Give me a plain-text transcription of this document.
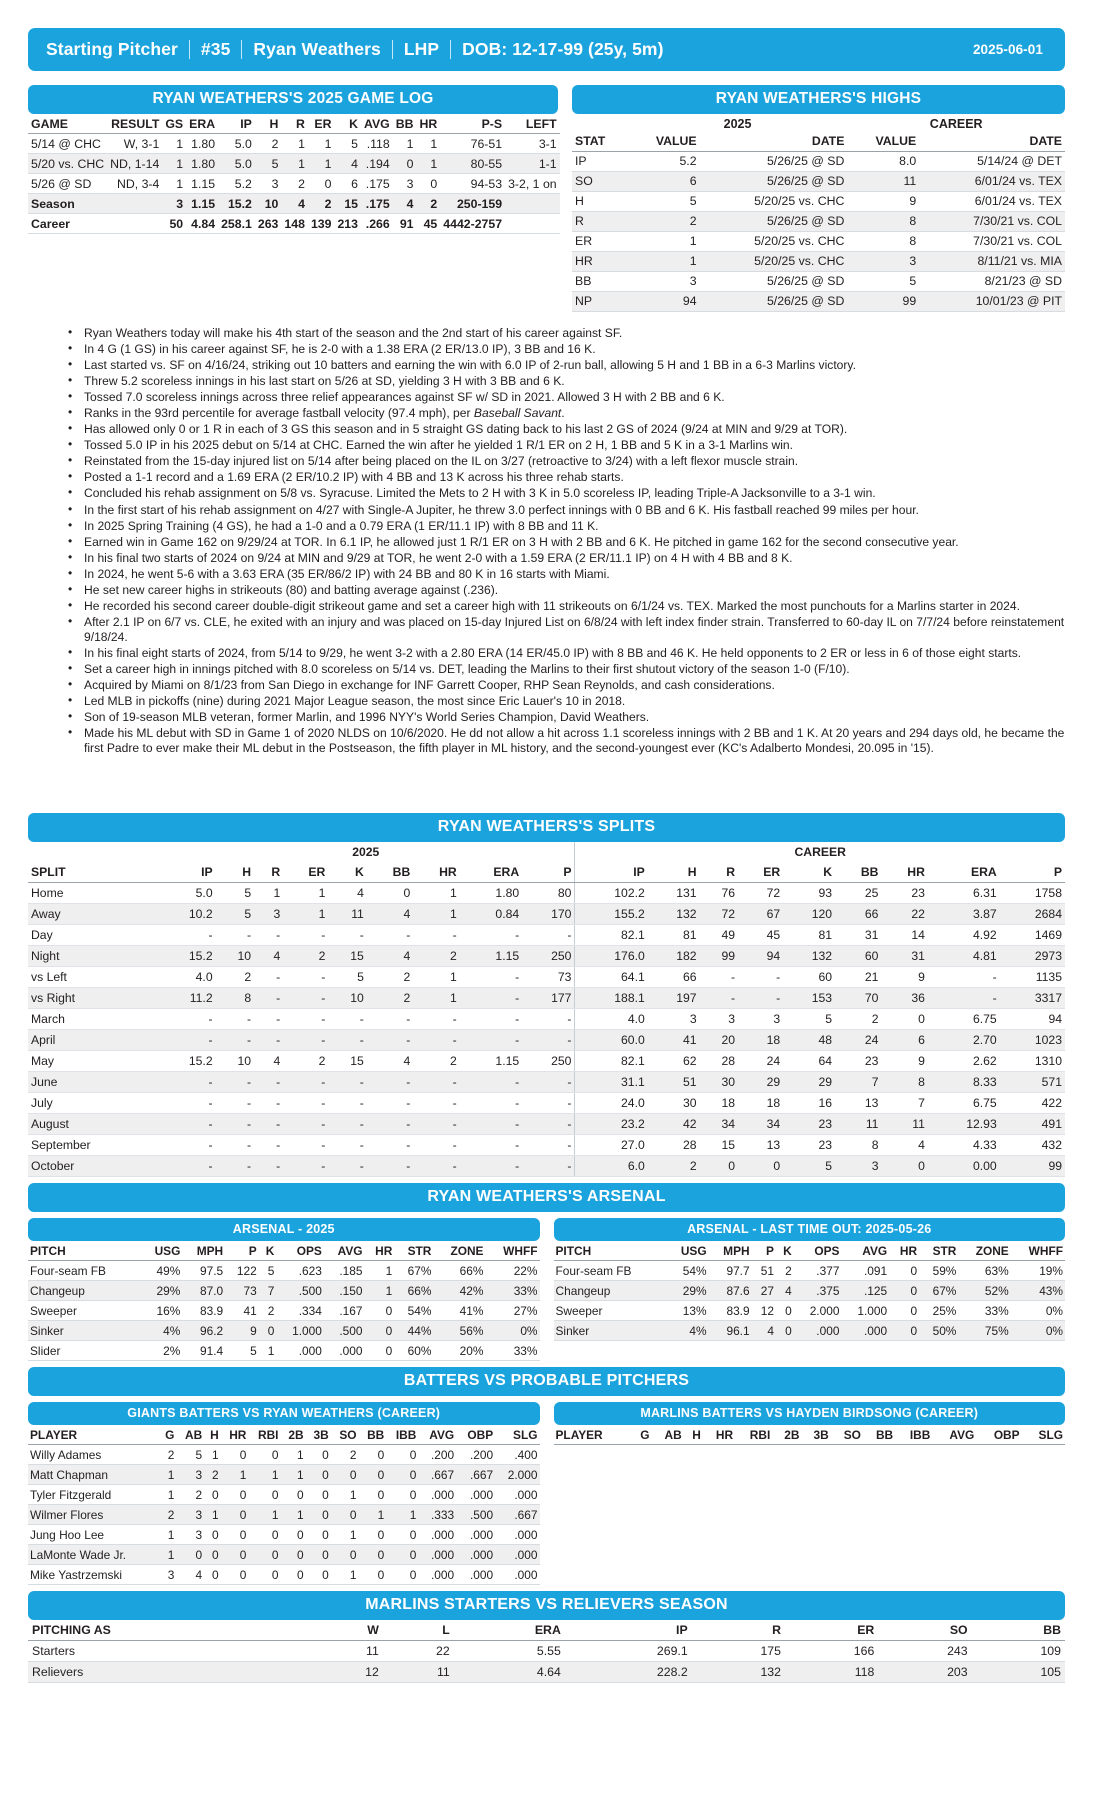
Starting Pitcher	#35	Ryan Weathers	LHP	DOB: 12-17-99 (25y, 5m)	2025-06-01
RYAN WEATHERS'S 2025 GAME LOG
GAME	RESULT	GS	ERA	IP	H	R	ER	K	AVG	BB	HR	P-S	LEFT
5/14 @ CHC	W, 3-1	1	1.80	5.0	2	1	1	5	.118	1	1	76-51	3-1
5/20 vs. CHC	ND, 1-14	1	1.80	5.0	5	1	1	4	.194	0	1	80-55	1-1
5/26 @ SD	ND, 3-4	1	1.15	5.2	3	2	0	6	.175	3	0	94-53	3-2, 1 on
Season		3	1.15	15.2	10	4	2	15	.175	4	2	250-159	
Career		50	4.84	258.1	263	148	139	213	.266	91	45	4442-2757	
RYAN WEATHERS'S HIGHS
	2025		CAREER	
STAT	VALUE	DATE	VALUE	DATE
IP	5.2	5/26/25 @ SD	8.0	5/14/24 @ DET
SO	6	5/26/25 @ SD	11	6/01/24 vs. TEX
H	5	5/20/25 vs. CHC	9	6/01/24 vs. TEX
R	2	5/26/25 @ SD	8	7/30/21 vs. COL
ER	1	5/20/25 vs. CHC	8	7/30/21 vs. COL
HR	1	5/20/25 vs. CHC	3	8/11/21 vs. MIA
BB	3	5/26/25 @ SD	5	8/21/23 @ SD
NP	94	5/26/25 @ SD	99	10/01/23 @ PIT
• Ryan Weathers today will make his 4th start of the season and the 2nd start of his career against SF.
• In 4 G (1 GS) in his career against SF, he is 2-0 with a 1.38 ERA (2 ER/13.0 IP), 3 BB and 16 K.
• Last started vs. SF on 4/16/24, striking out 10 batters and earning the win with 6.0 IP of 2-run ball, allowing 5 H and 1 BB in a 6-3 Marlins victory.
• Threw 5.2 scoreless innings in his last start on 5/26 at SD, yielding 3 H with 3 BB and 6 K.
• Tossed 7.0 scoreless innings across three relief appearances against SF w/ SD in 2021. Allowed 3 H with 2 BB and 6 K.
• Ranks in the 93rd percentile for average fastball velocity (97.4 mph), per Baseball Savant.
• Has allowed only 0 or 1 R in each of 3 GS this season and in 5 straight GS dating back to his last 2 GS of 2024 (9/24 at MIN and 9/29 at TOR).
• Tossed 5.0 IP in his 2025 debut on 5/14 at CHC. Earned the win after he yielded 1 R/1 ER on 2 H, 1 BB and 5 K in a 3-1 Marlins win.
• Reinstated from the 15-day injured list on 5/14 after being placed on the IL on 3/27 (retroactive to 3/24) with a left flexor muscle strain.
• Posted a 1-1 record and a 1.69 ERA (2 ER/10.2 IP) with 4 BB and 13 K across his three rehab starts.
• Concluded his rehab assignment on 5/8 vs. Syracuse. Limited the Mets to 2 H with 3 K in 5.0 scoreless IP, leading Triple-A Jacksonville to a 3-1 win.
• In the first start of his rehab assignment on 4/27 with Single-A Jupiter, he threw 3.0 perfect innings with 0 BB and 6 K. His fastball reached 99 miles per hour.
• In 2025 Spring Training (4 GS), he had a 1-0 and a 0.79 ERA (1 ER/11.1 IP) with 8 BB and 11 K.
• Earned win in Game 162 on 9/29/24 at TOR. In 6.1 IP, he allowed just 1 R/1 ER on 3 H with 2 BB and 6 K. He pitched in game 162 for the second consecutive year.
• In his final two starts of 2024 on 9/24 at MIN and 9/29 at TOR, he went 2-0 with a 1.59 ERA (2 ER/11.1 IP) on 4 H with 4 BB and 8 K.
• In 2024, he went 5-6 with a 3.63 ERA (35 ER/86/2 IP) with 24 BB and 80 K in 16 starts with Miami.
• He set new career highs in strikeouts (80) and batting average against (.236).
• He recorded his second career double-digit strikeout game and set a career high with 11 strikeouts on 6/1/24 vs. TEX. Marked the most punchouts for a Marlins starter in 2024.
• After 2.1 IP on 6/7 vs. CLE, he exited with an injury and was placed on 15-day Injured List on 6/8/24 with left index finder strain. Transferred to 60-day IL on 7/7/24 before reinstatement 9/18/24.
• In his final eight starts of 2024, from 5/14 to 9/29, he went 3-2 with a 2.80 ERA (14 ER/45.0 IP) with 8 BB and 46 K. He held opponents to 2 ER or less in 6 of those eight starts.
• Set a career high in innings pitched with 8.0 scoreless on 5/14 vs. DET, leading the Marlins to their first shutout victory of the season 1-0 (F/10).
• Acquired by Miami on 8/1/23 from San Diego in exchange for INF Garrett Cooper, RHP Sean Reynolds, and cash considerations.
• Led MLB in pickoffs (nine) during 2021 Major League season, the most since Eric Lauer's 10 in 2018.
• Son of 19-season MLB veteran, former Marlin, and 1996 NYY's World Series Champion, David Weathers.
• Made his ML debut with SD in Game 1 of 2020 NLDS on 10/6/2020. He dd not allow a hit across 1.1 scoreless innings with 2 BB and 1 K. At 20 years and 294 days old, he became the first Padre to ever make their ML debut in the Postseason, the fifth player in ML history, and the second-youngest ever (KC's Adalberto Mondesi, 20.095 in '15).
RYAN WEATHERS'S SPLITS
	2025									CAREER								
SPLIT	IP	H	R	ER	K	BB	HR	ERA	P	IP	H	R	ER	K	BB	HR	ERA	P
Home	5.0	5	1	1	4	0	1	1.80	80	102.2	131	76	72	93	25	23	6.31	1758
Away	10.2	5	3	1	11	4	1	0.84	170	155.2	132	72	67	120	66	22	3.87	2684
Day	-	-	-	-	-	-	-	-	-	82.1	81	49	45	81	31	14	4.92	1469
Night	15.2	10	4	2	15	4	2	1.15	250	176.0	182	99	94	132	60	31	4.81	2973
vs Left	4.0	2	-	-	5	2	1	-	73	64.1	66	-	-	60	21	9	-	1135
vs Right	11.2	8	-	-	10	2	1	-	177	188.1	197	-	-	153	70	36	-	3317
March	-	-	-	-	-	-	-	-	-	4.0	3	3	3	5	2	0	6.75	94
April	-	-	-	-	-	-	-	-	-	60.0	41	20	18	48	24	6	2.70	1023
May	15.2	10	4	2	15	4	2	1.15	250	82.1	62	28	24	64	23	9	2.62	1310
June	-	-	-	-	-	-	-	-	-	31.1	51	30	29	29	7	8	8.33	571
July	-	-	-	-	-	-	-	-	-	24.0	30	18	18	16	13	7	6.75	422
August	-	-	-	-	-	-	-	-	-	23.2	42	34	34	23	11	11	12.93	491
September	-	-	-	-	-	-	-	-	-	27.0	28	15	13	23	8	4	4.33	432
October	-	-	-	-	-	-	-	-	-	6.0	2	0	0	5	3	0	0.00	99
RYAN WEATHERS'S ARSENAL
ARSENAL - 2025
PITCH	USG	MPH	P	K	OPS	AVG	HR	STR	ZONE	WHFF
Four-seam FB	49%	97.5	122	5	.623	.185	1	67%	66%	22%
Changeup	29%	87.0	73	7	.500	.150	1	66%	42%	33%
Sweeper	16%	83.9	41	2	.334	.167	0	54%	41%	27%
Sinker	4%	96.2	9	0	1.000	.500	0	44%	56%	0%
Slider	2%	91.4	5	1	.000	.000	0	60%	20%	33%
ARSENAL - LAST TIME OUT: 2025-05-26
PITCH	USG	MPH	P	K	OPS	AVG	HR	STR	ZONE	WHFF
Four-seam FB	54%	97.7	51	2	.377	.091	0	59%	63%	19%
Changeup	29%	87.6	27	4	.375	.125	0	67%	52%	43%
Sweeper	13%	83.9	12	0	2.000	1.000	0	25%	33%	0%
Sinker	4%	96.1	4	0	.000	.000	0	50%	75%	0%
BATTERS VS PROBABLE PITCHERS
GIANTS BATTERS VS RYAN WEATHERS (CAREER)
PLAYER	G	AB	H	HR	RBI	2B	3B	SO	BB	IBB	AVG	OBP	SLG
Willy Adames	2	5	1	0	0	1	0	2	0	0	.200	.200	.400
Matt Chapman	1	3	2	1	1	1	0	0	0	0	.667	.667	2.000
Tyler Fitzgerald	1	2	0	0	0	0	0	1	0	0	.000	.000	.000
Wilmer Flores	2	3	1	0	1	1	0	0	1	1	.333	.500	.667
Jung Hoo Lee	1	3	0	0	0	0	0	1	0	0	.000	.000	.000
LaMonte Wade Jr.	1	0	0	0	0	0	0	0	0	0	.000	.000	.000
Mike Yastrzemski	3	4	0	0	0	0	0	1	0	0	.000	.000	.000
MARLINS BATTERS VS HAYDEN BIRDSONG (CAREER)
PLAYER	G	AB	H	HR	RBI	2B	3B	SO	BB	IBB	AVG	OBP	SLG
MARLINS STARTERS VS RELIEVERS SEASON
PITCHING AS	W	L	ERA	IP	R	ER	SO	BB
Starters	11	22	5.55	269.1	175	166	243	109
Relievers	12	11	4.64	228.2	132	118	203	105
